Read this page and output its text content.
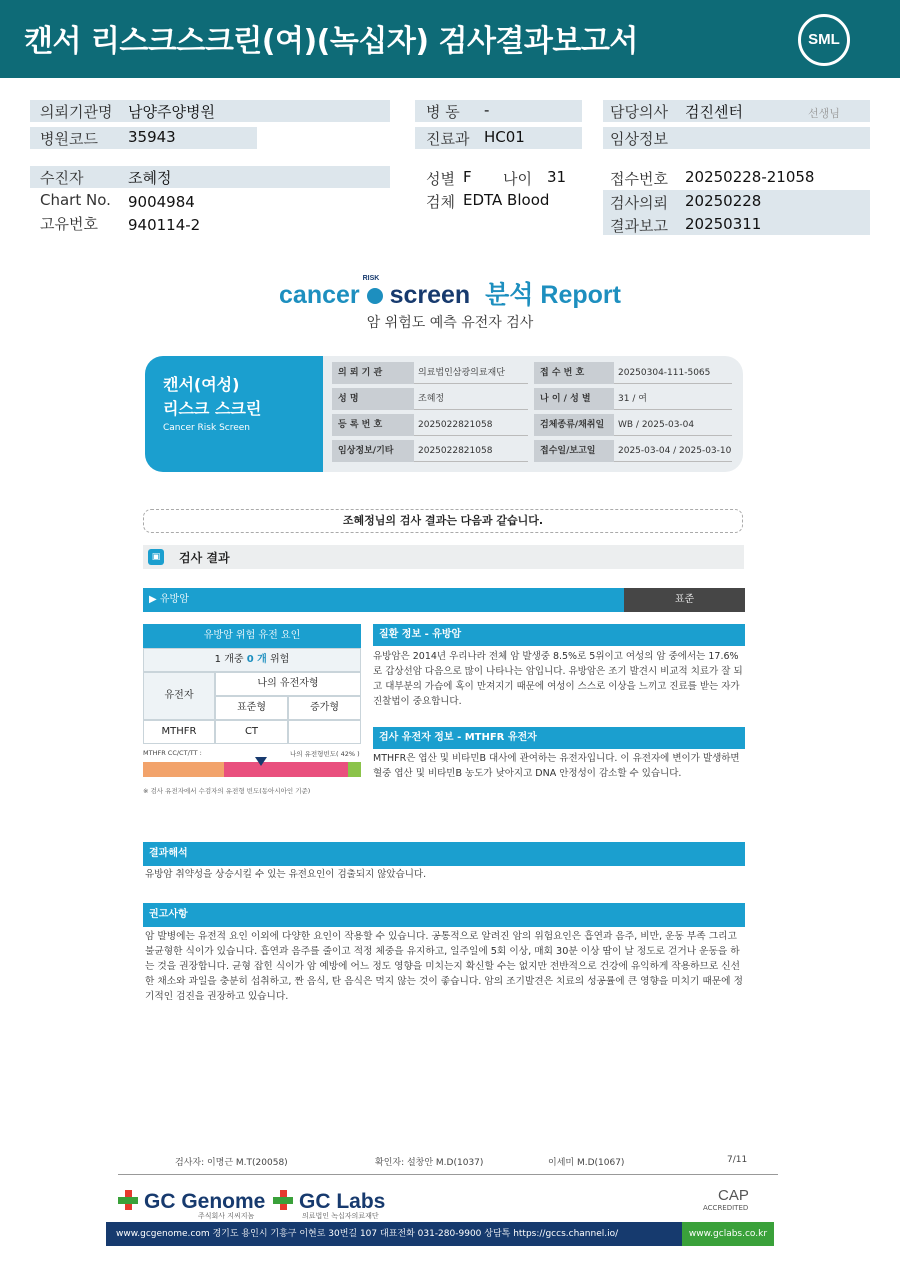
캔서 리스크스크린(여)(녹십자) 검사결과보고서	SML
의뢰기관명 남양주양병원
병원코드 35943
수진자	조혜정
Chart No. 9004984
고유번호 940114-2
병 동 -
진료과 HC01
성별 F 나이 31
검체 EDTA Blood
담당의사 검진센터	선생님
임상정보
접수번호 20250228-21058
검사의뢰 20250228
결과보고 20250311
cancer
RISK
screen 분석 Report
암 위험도 예측 유전자 검사
캔서(여성)
리스크 스크린
Cancer Risk Screen
의 뢰 기 관	의료법인삼광의료재단	접 수 번 호	20250304-111-5065
성 명	조혜정	나 이 / 성 별	31 / 여
등 록 번 호	2025022821058	검체종류/채취일	WB / 2025-03-04
임상정보/기타	2025022821058	접수일/보고일	2025-03-04 / 2025-03-10
조혜정님의 검사 결과는 다음과 같습니다.
▣	검사 결과
▶ 유방암	표준
유방암 위험 유전 요인
1 개중 0 개 위험
유전자
나의 유전자형
표준형	증가형
MTHFR	CT
MTHFR CC/CT/TT :	나의 유전형빈도( 42% )
※ 검사 유전자에서 수검자의 유전형 빈도(동아시아인 기준)
질환 정보 - 유방암
유방암은 2014년 우리나라 전체 암 발생중 8.5%로 5위이고 여성의 암 중에서는 17.6%로 갑상선암 다음으로 많이 나타나는 암입니다. 유방암은 조기 발견시 비교적 치료가 잘 되고 대부분의 가슴에 혹이 만져지기 때문에 여성이 스스로 이상을 느끼고 진료를 받는 자가 진찰법이 중요합니다.
검사 유전자 정보 - MTHFR 유전자
MTHFR은 엽산 및 비타민B 대사에 관여하는 유전자입니다. 이 유전자에 변이가 발생하면 혈중 엽산 및 비타민B 농도가 낮아지고 DNA 안정성이 감소할 수 있습니다.
결과해석
유방암 취약성을 상승시킬 수 있는 유전요인이 검출되지 않았습니다.
권고사항
암 발병에는 유전적 요인 이외에 다양한 요인이 작용할 수 있습니다. 공통적으로 알려진 암의 위험요인은 흡연과 음주, 비만, 운동 부족 그리고 불균형한 식이가 있습니다. 흡연과 음주를 줄이고 적정 체중을 유지하고, 일주일에 5회 이상, 매회 30분 이상 땀이 날 정도로 걷거나 운동을 하는 것을 권장합니다. 균형 잡힌 식이가 암 예방에 어느 정도 영향을 미치는지 확신할 수는 없지만 전반적으로 건강에 유익하게 작용하므로 신선한 채소와 과일을 충분히 섭취하고, 짠 음식, 탄 음식은 먹지 않는 것이 좋습니다. 암의 조기발견은 치료의 성공률에 큰 영향을 미치기 때문에 정기적인 검진을 권장하고 있습니다.
검사자: 이명근 M.T(20058)	확인자: 설창안 M.D(1037)	이세미 M.D(1067)	7/11
GC Genome
주식회사 지씨지놈
GC Labs
의료법인 녹십자의료재단
CAP
ACCREDITED
www.gcgenome.com 경기도 용인시 기흥구 이현로 30번길 107 대표전화 031-280-9900 상담톡 https://gccs.channel.io/	www.gclabs.co.kr
